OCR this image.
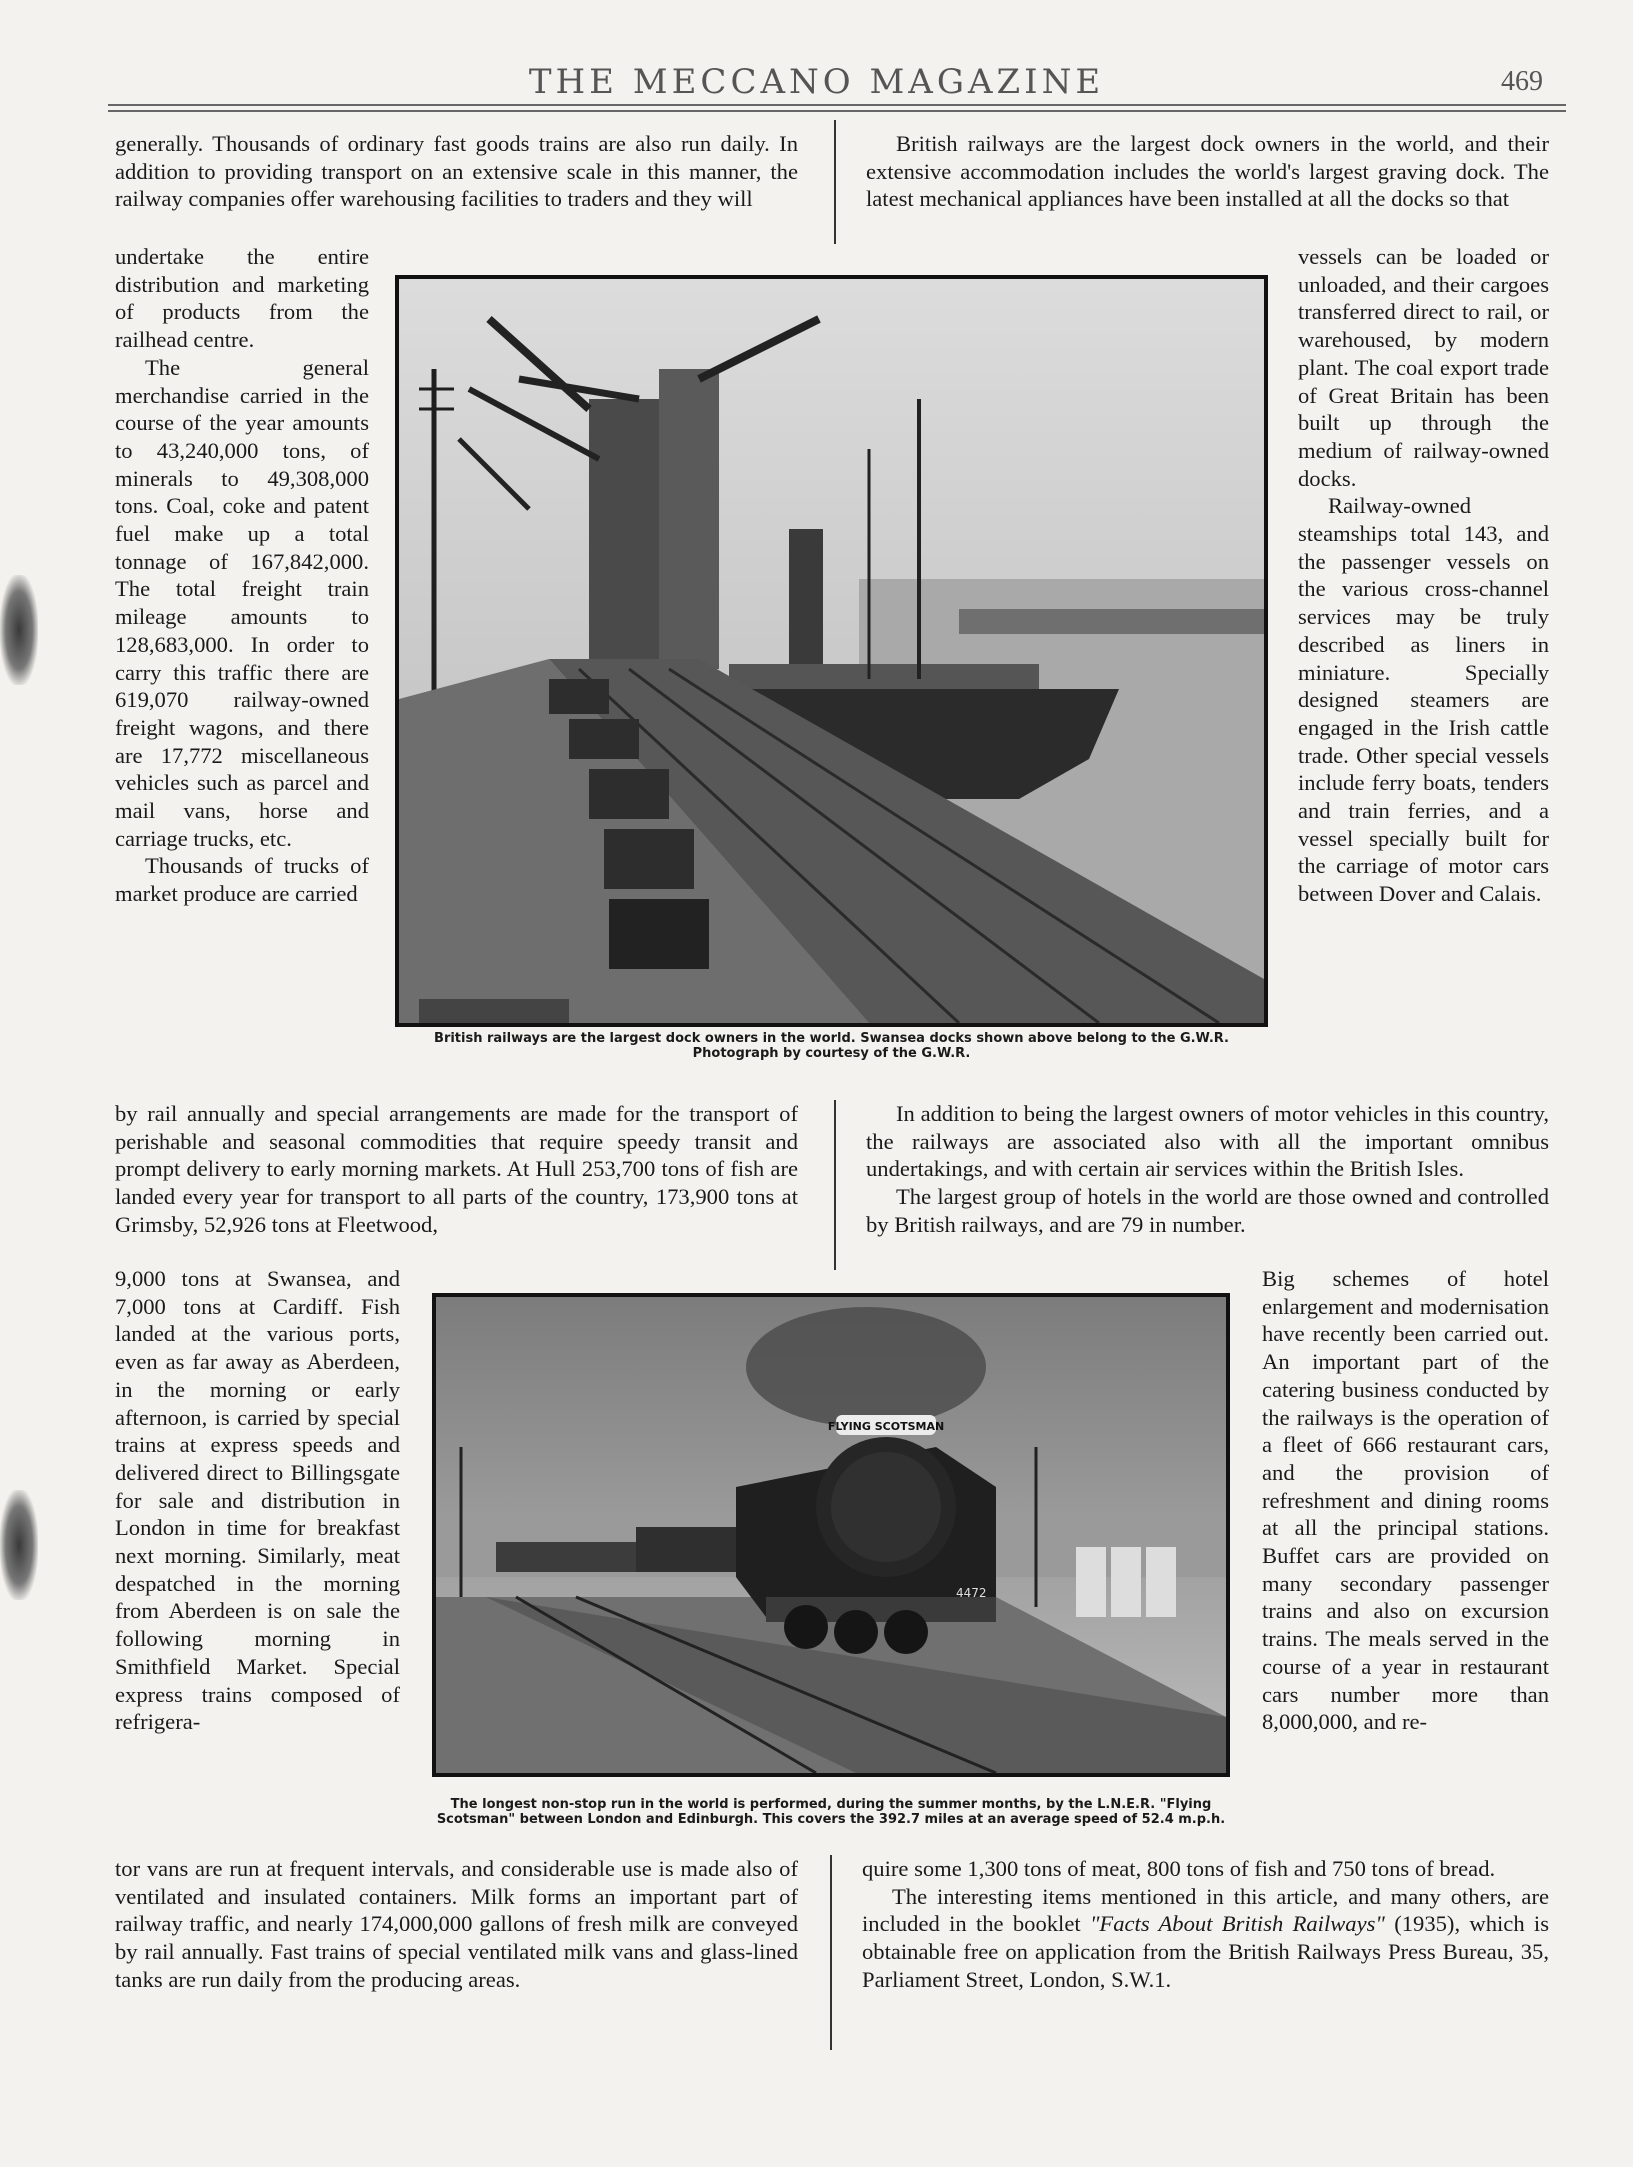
THE MECCANO MAGAZINE	469

generally. Thousands of ordinary fast goods trains are also run daily. In addition to providing transport on an extensive scale in this manner, the railway companies offer warehousing facilities to traders and they will

undertake the entire distribution and marketing of products from the railhead centre.

The general merchandise carried in the course of the year amounts to 43,240,000 tons, of minerals to 49,308,000 tons. Coal, coke and patent fuel make up a total tonnage of 167,842,000. The total freight train mileage amounts to 128,683,000. In order to carry this traffic there are 619,070 railway-owned freight wagons, and there are 17,772 miscellaneous vehicles such as parcel and mail vans, horse and carriage trucks, etc.

Thousands of trucks of market produce are carried

by rail annually and special arrangements are made for the transport of perishable and seasonal commodities that require speedy transit and prompt delivery to early morning markets. At Hull 253,700 tons of fish are landed every year for transport to all parts of the country, 173,900 tons at Grimsby, 52,926 tons at Fleetwood,

9,000 tons at Swansea, and 7,000 tons at Cardiff. Fish landed at the various ports, even as far away as Aberdeen, in the morning or early afternoon, is carried by special trains at express speeds and delivered direct to Billingsgate for sale and distribution in London in time for breakfast next morning. Similarly, meat despatched in the morning from Aberdeen is on sale the following morning in Smithfield Market. Special express trains composed of refrigera-

tor vans are run at frequent intervals, and considerable use is made also of ventilated and insulated containers. Milk forms an important part of railway traffic, and nearly 174,000,000 gallons of fresh milk are conveyed by rail annually. Fast trains of special ventilated milk vans and glass-lined tanks are run daily from the producing areas.

British railways are the largest dock owners in the world, and their extensive accommodation includes the world's largest graving dock. The latest mechanical appliances have been installed at all the docks so that

vessels can be loaded or unloaded, and their cargoes transferred direct to rail, or warehoused, by modern plant. The coal export trade of Great Britain has been built up through the medium of railway-owned docks.

Railway-owned steamships total 143, and the passenger vessels on the various cross-channel services may be truly described as liners in miniature. Specially designed steamers are engaged in the Irish cattle trade. Other special vessels include ferry boats, tenders and train ferries, and a vessel specially built for the carriage of motor cars between Dover and Calais.

In addition to being the largest owners of motor vehicles in this country, the railways are associated also with all the important omnibus undertakings, and with certain air services within the British Isles.

The largest group of hotels in the world are those owned and controlled by British railways, and are 79 in number.

Big schemes of hotel enlargement and modernisation have recently been carried out. An important part of the catering business conducted by the railways is the operation of a fleet of 666 restaurant cars, and the provision of refreshment and dining rooms at all the principal stations. Buffet cars are provided on many secondary passenger trains and also on excursion trains. The meals served in the course of a year in restaurant cars number more than 8,000,000, and re-

quire some 1,300 tons of meat, 800 tons of fish and 750 tons of bread.

The interesting items mentioned in this article, and many others, are included in the booklet "Facts About British Railways" (1935), which is obtainable free on application from the British Railways Press Bureau, 35, Parliament Street, London, S.W.1.

British railways are the largest dock owners in the world. Swansea docks shown above belong to the G.W.R.
Photograph by courtesy of the G.W.R.

FLYING SCOTSMAN
4472

The longest non-stop run in the world is performed, during the summer months, by the L.N.E.R. "Flying Scotsman" between London and Edinburgh. This covers the 392.7 miles at an average speed of 52.4 m.p.h.
